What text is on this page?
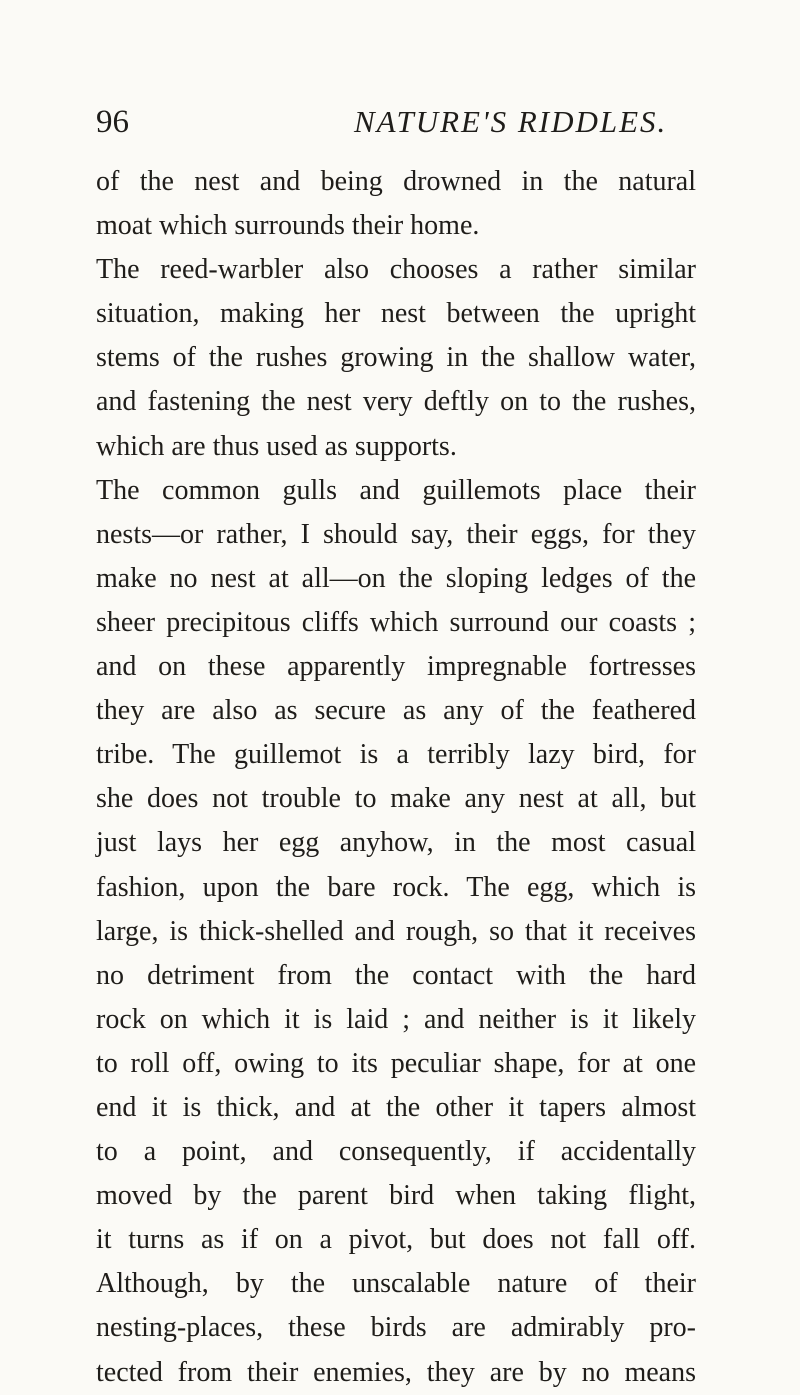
96	NATURE'S RIDDLES.
of the nest and being drowned in the natural
moat which surrounds their home.
The reed-warbler also chooses a rather similar
situation, making her nest between the upright
stems of the rushes growing in the shallow water,
and fastening the nest very deftly on to the rushes,
which are thus used as supports.
The common gulls and guillemots place their
nests—or rather, I should say, their eggs, for they
make no nest at all—on the sloping ledges of the
sheer precipitous cliffs which surround our coasts ;
and on these apparently impregnable fortresses
they are also as secure as any of the feathered
tribe. The guillemot is a terribly lazy bird, for
she does not trouble to make any nest at all, but
just lays her egg anyhow, in the most casual
fashion, upon the bare rock. The egg, which is
large, is thick-shelled and rough, so that it receives
no detriment from the contact with the hard
rock on which it is laid ; and neither is it likely
to roll off, owing to its peculiar shape, for at one
end it is thick, and at the other it tapers almost
to a point, and consequently, if accidentally
moved by the parent bird when taking flight,
it turns as if on a pivot, but does not fall off.
Although, by the unscalable nature of their
nesting-places, these birds are admirably pro-
tected from their enemies, they are by no means
